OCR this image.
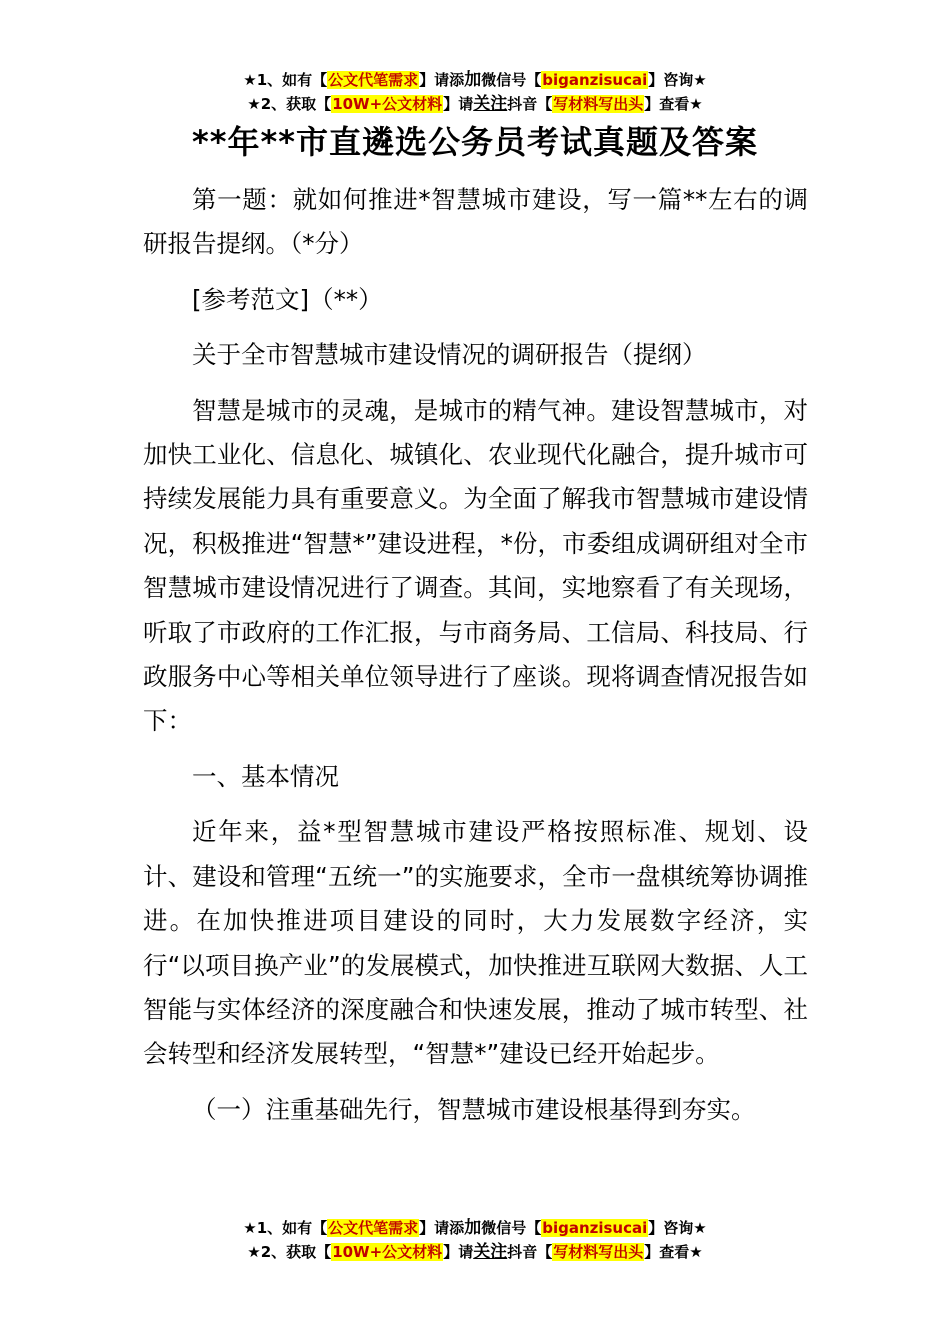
★1、如有【公文代笔需求】请添加微信号【biganzisucai】咨询★
★2、获取【10W+公文材料】请关注抖音【写材料写出头】查看★
**年**市直遴选公务员考试真题及答案

第一题：就如何推进*智慧城市建设，写一篇**左右的调研报告提纲。（*分）

[参考范文]（**）

关于全市智慧城市建设情况的调研报告（提纲）

智慧是城市的灵魂，是城市的精气神。建设智慧城市，对加快工业化、信息化、城镇化、农业现代化融合，提升城市可持续发展能力具有重要意义。为全面了解我市智慧城市建设情况，积极推进“智慧*”建设进程，*份，市委组成调研组对全市智慧城市建设情况进行了调查。其间，实地察看了有关现场，听取了市政府的工作汇报，与市商务局、工信局、科技局、行政服务中心等相关单位领导进行了座谈。现将调查情况报告如下：

一、基本情况

近年来，益*型智慧城市建设严格按照标准、规划、设计、建设和管理“五统一”的实施要求，全市一盘棋统筹协调推进。在加快推进项目建设的同时，大力发展数字经济，实行“以项目换产业”的发展模式，加快推进互联网大数据、人工智能与实体经济的深度融合和快速发展，推动了城市转型、社会转型和经济发展转型，“智慧*”建设已经开始起步。

（一）注重基础先行，智慧城市建设根基得到夯实。

★1、如有【公文代笔需求】请添加微信号【biganzisucai】咨询★
★2、获取【10W+公文材料】请关注抖音【写材料写出头】查看★
